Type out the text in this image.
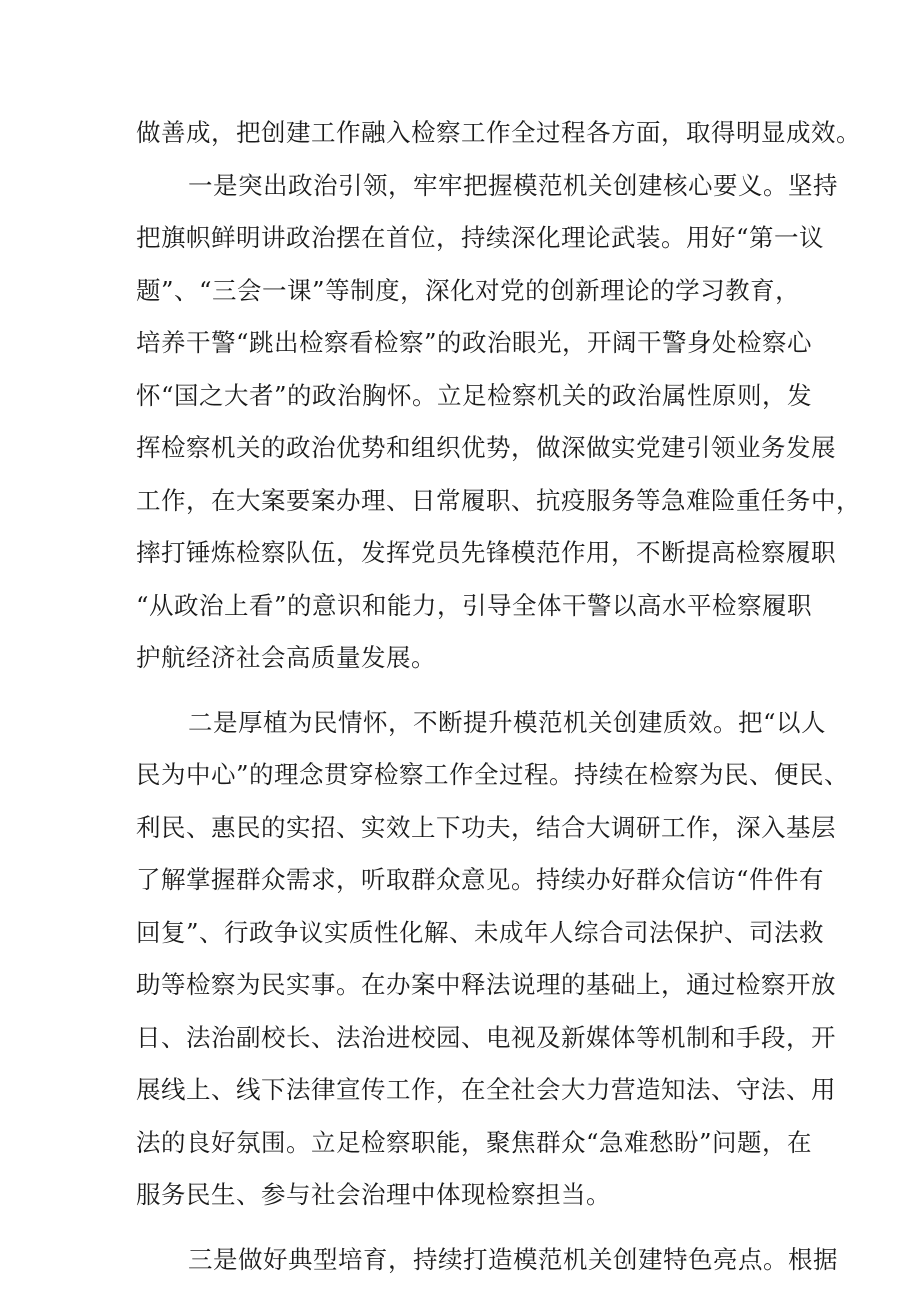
做善成，把创建工作融入检察工作全过程各方面，取得明显成效。
一是突出政治引领，牢牢把握模范机关创建核心要义。坚持
把旗帜鲜明讲政治摆在首位，持续深化理论武装。用好“第一议
题”、“三会一课”等制度，深化对党的创新理论的学习教育，
培养干警“跳出检察看检察”的政治眼光，开阔干警身处检察心
怀“国之大者”的政治胸怀。立足检察机关的政治属性原则，发
挥检察机关的政治优势和组织优势，做深做实党建引领业务发展
工作，在大案要案办理、日常履职、抗疫服务等急难险重任务中，
摔打锤炼检察队伍，发挥党员先锋模范作用，不断提高检察履职
“从政治上看”的意识和能力，引导全体干警以高水平检察履职
护航经济社会高质量发展。
二是厚植为民情怀，不断提升模范机关创建质效。把“以人
民为中心”的理念贯穿检察工作全过程。持续在检察为民、便民、
利民、惠民的实招、实效上下功夫，结合大调研工作，深入基层
了解掌握群众需求，听取群众意见。持续办好群众信访“件件有
回复”、行政争议实质性化解、未成年人综合司法保护、司法救
助等检察为民实事。在办案中释法说理的基础上，通过检察开放
日、法治副校长、法治进校园、电视及新媒体等机制和手段，开
展线上、线下法律宣传工作，在全社会大力营造知法、守法、用
法的良好氛围。立足检察职能，聚焦群众“急难愁盼”问题，在
服务民生、参与社会治理中体现检察担当。
三是做好典型培育，持续打造模范机关创建特色亮点。根据
